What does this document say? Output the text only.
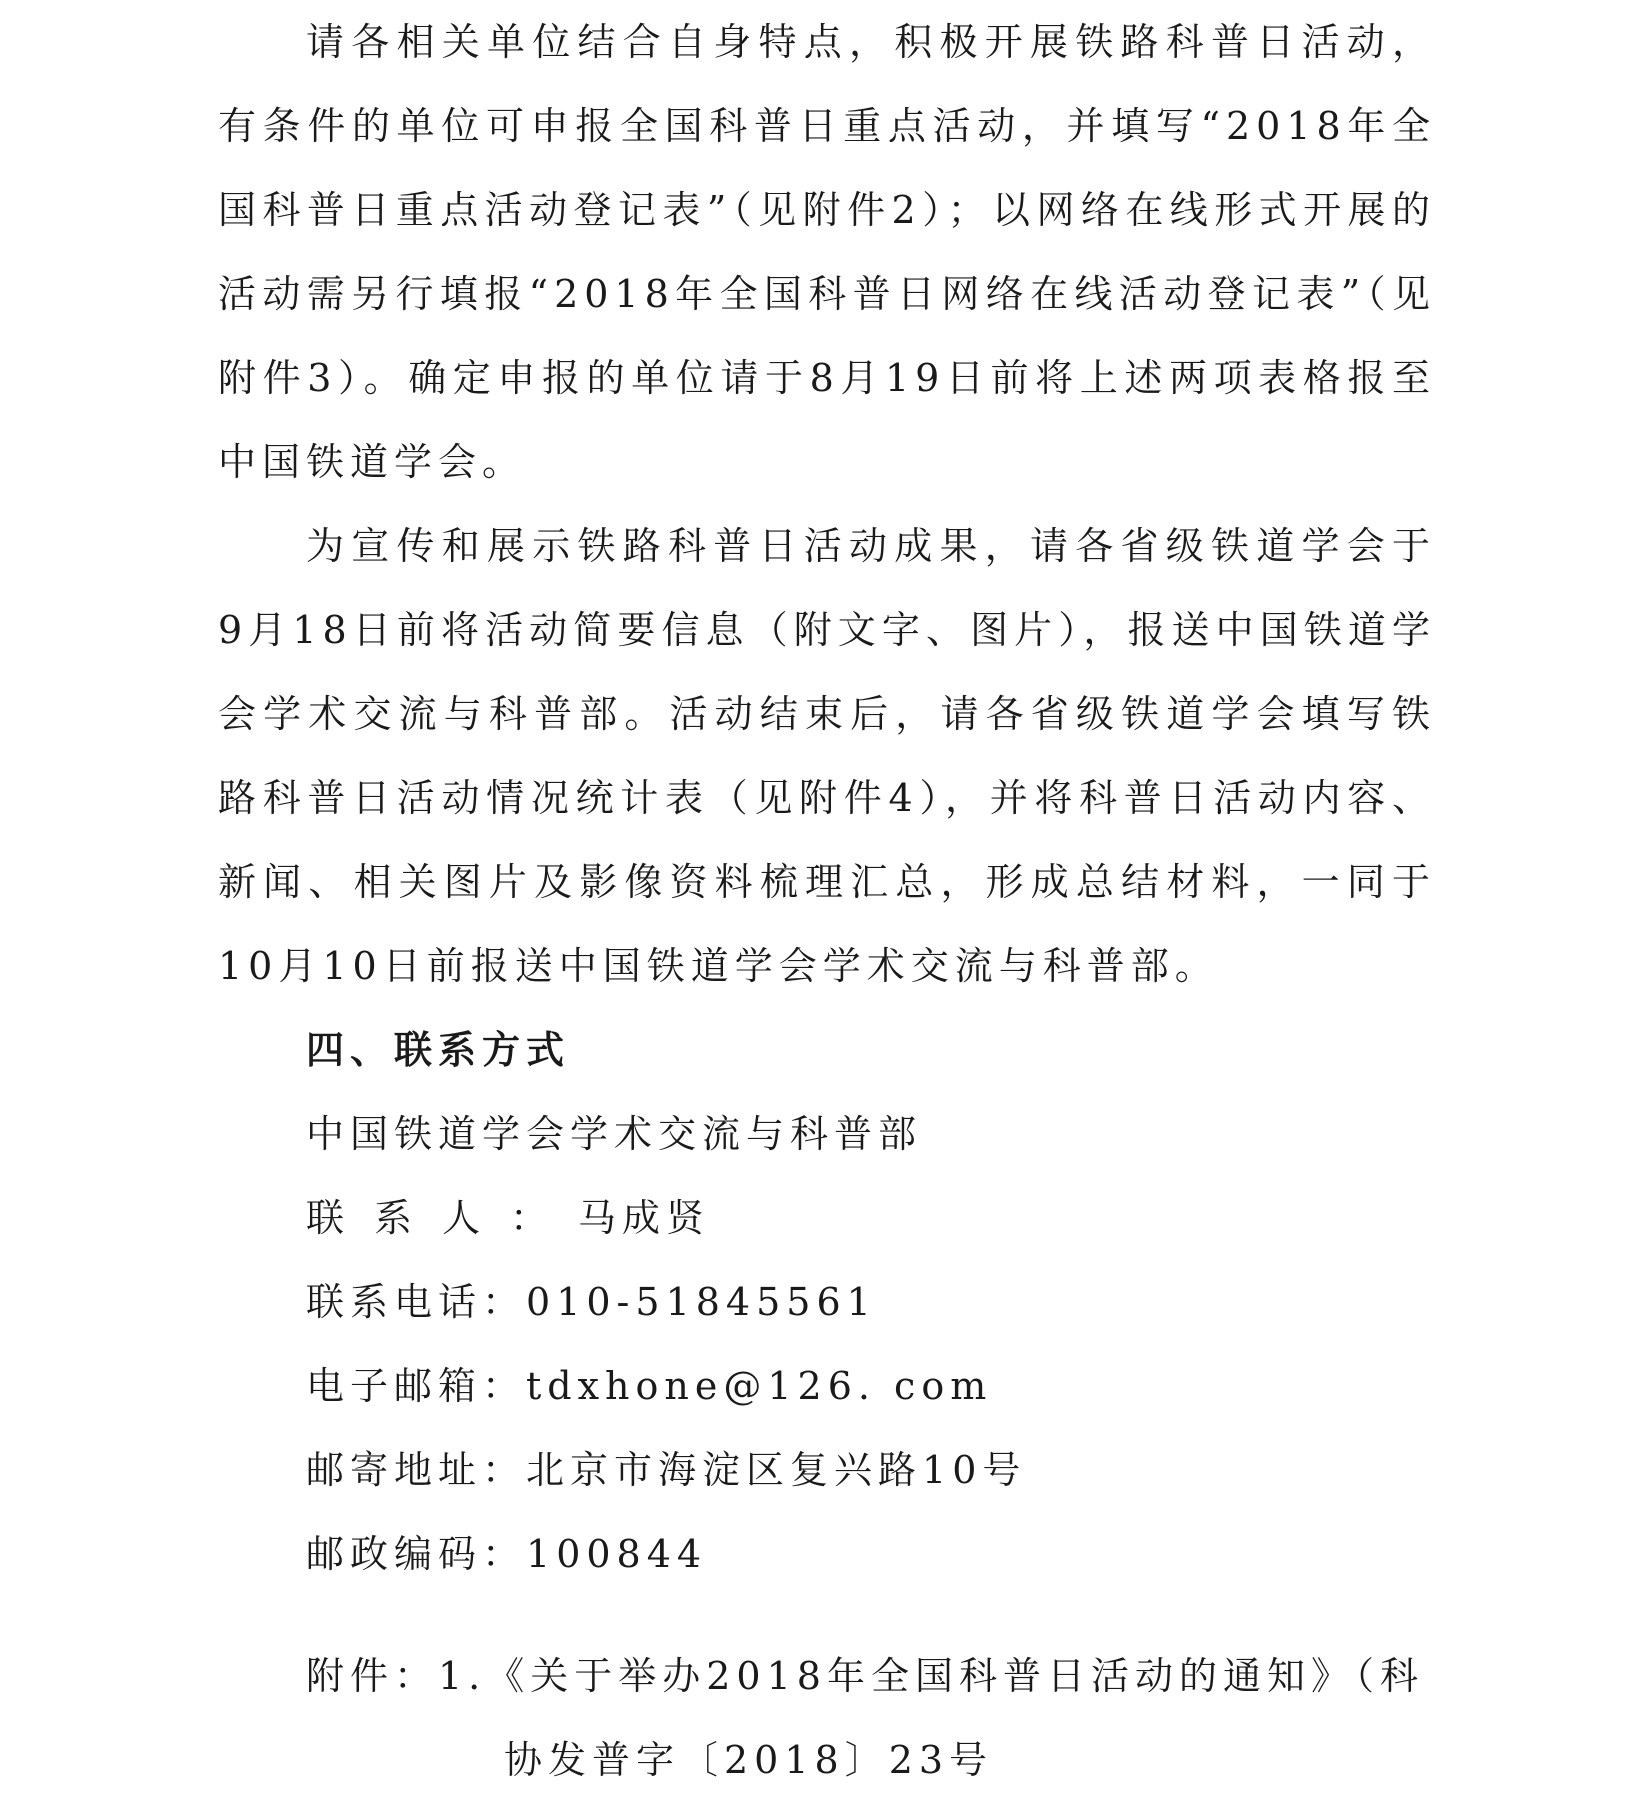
请各相关单位结合自身特点，积极开展铁路科普日活动，有条件的单位可申报全国科普日重点活动，并填写“2018年全国科普日重点活动登记表”（见附件2）；以网络在线形式开展的活动需另行填报“2018年全国科普日网络在线活动登记表”（见附件3）。确定申报的单位请于8月19日前将上述两项表格报至中国铁道学会。

为宣传和展示铁路科普日活动成果，请各省级铁道学会于9月18日前将活动简要信息（附文字、图片），报送中国铁道学会学术交流与科普部。活动结束后，请各省级铁道学会填写铁路科普日活动情况统计表（见附件4），并将科普日活动内容、新闻、相关图片及影像资料梳理汇总，形成总结材料，一同于10月10日前报送中国铁道学会学术交流与科普部。

四、联系方式

中国铁道学会学术交流与科普部

联系人：马成贤

联系电话：010-51845561

电子邮箱：tdxhone@126. com

邮寄地址：北京市海淀区复兴路10号

邮政编码：100844

附件：1.《关于举办2018年全国科普日活动的通知》（科

协发普字〔2018〕23号
